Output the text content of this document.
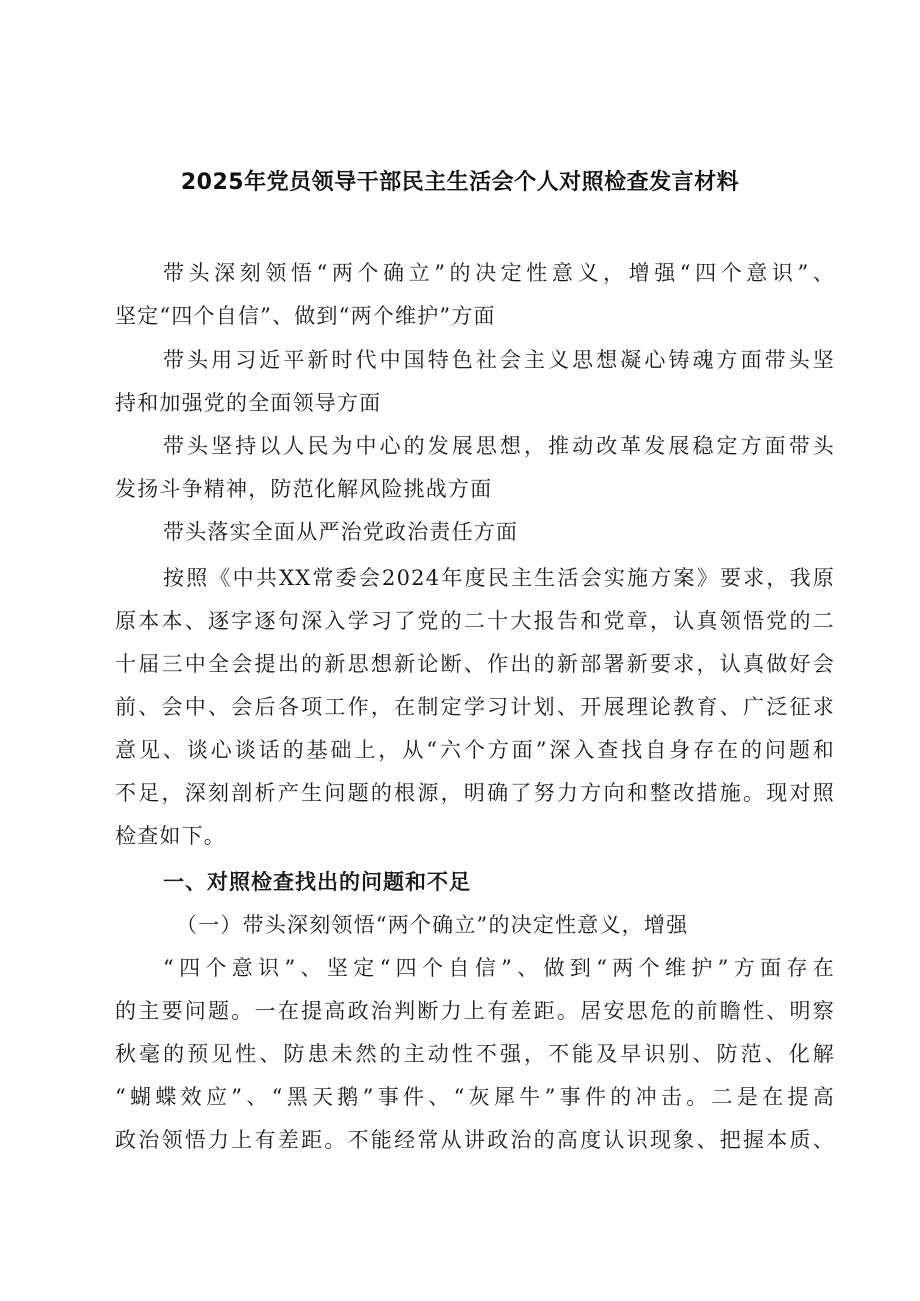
2025年党员领导干部民主生活会个人对照检查发言材料
带头深刻领悟“两个确立”的决定性意义，增强“四个意识”、
坚定“四个自信”、做到“两个维护”方面
带头用习近平新时代中国特色社会主义思想凝心铸魂方面带头坚
持和加强党的全面领导方面
带头坚持以人民为中心的发展思想，推动改革发展稳定方面带头
发扬斗争精神，防范化解风险挑战方面
带头落实全面从严治党政治责任方面
按照《中共XX常委会2024年度民主生活会实施方案》要求，我原
原本本、逐字逐句深入学习了党的二十大报告和党章，认真领悟党的二
十届三中全会提出的新思想新论断、作出的新部署新要求，认真做好会
前、会中、会后各项工作，在制定学习计划、开展理论教育、广泛征求
意见、谈心谈话的基础上，从“六个方面”深入查找自身存在的问题和
不足，深刻剖析产生问题的根源，明确了努力方向和整改措施。现对照
检查如下。
一、对照检查找出的问题和不足
（一）带头深刻领悟“两个确立”的决定性意义，增强
“四个意识”、坚定“四个自信”、做到“两个维护”方面存在
的主要问题。一在提高政治判断力上有差距。居安思危的前瞻性、明察
秋毫的预见性、防患未然的主动性不强，不能及早识别、防范、化解
“蝴蝶效应”、“黑天鹅”事件、“灰犀牛”事件的冲击。二是在提高
政治领悟力上有差距。不能经常从讲政治的高度认识现象、把握本质、
